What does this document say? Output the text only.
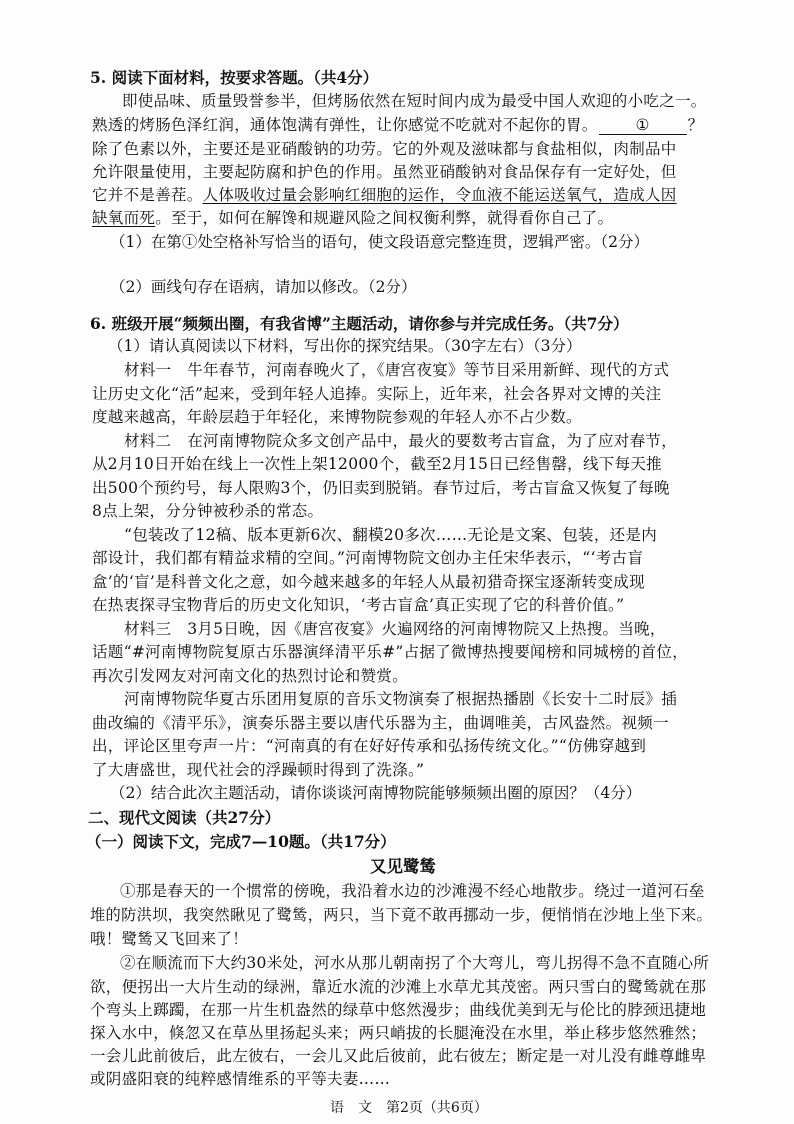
5. 阅读下面材料，按要求答题。（共4分）
即使品味、质量毁誉参半，但烤肠依然在短时间内成为最受中国人欢迎的小吃之一。
熟透的烤肠色泽红润，通体饱满有弹性，让你感觉不吃就对不起你的胃。 ① ？
除了色素以外，主要还是亚硝酸钠的功劳。它的外观及滋味都与食盐相似，肉制品中
允许限量使用，主要起防腐和护色的作用。虽然亚硝酸钠对食品保存有一定好处，但
它并不是善茬。人体吸收过量会影响红细胞的运作，令血液不能运送氧气，造成人因
缺氧而死。至于，如何在解馋和规避风险之间权衡利弊，就得看你自己了。
（1）在第①处空格补写恰当的语句，使文段语意完整连贯，逻辑严密。（2分）
（2）画线句存在语病，请加以修改。（2分）
6. 班级开展“频频出圈，有我省博”主题活动，请你参与并完成任务。（共7分）
（1）请认真阅读以下材料，写出你的探究结果。（30字左右）（3分）
材料一　牛年春节，河南春晚火了，《唐宫夜宴》等节目采用新鲜、现代的方式
让历史文化“活”起来，受到年轻人追捧。实际上，近年来，社会各界对文博的关注
度越来越高，年龄层趋于年轻化，来博物院参观的年轻人亦不占少数。
材料二　在河南博物院众多文创产品中，最火的要数考古盲盒，为了应对春节，
从2月10日开始在线上一次性上架12000个，截至2月15日已经售罄，线下每天推
出500个预约号，每人限购3个，仍旧卖到脱销。春节过后，考古盲盒又恢复了每晚
8点上架，分分钟被秒杀的常态。
“包装改了12稿、版本更新6次、翻模20多次……无论是文案、包装，还是内
部设计，我们都有精益求精的空间。”河南博物院文创办主任宋华表示，“‘考古盲
盒’的‘盲’是科普文化之意，如今越来越多的年轻人从最初猎奇探宝逐渐转变成现
在热衷探寻宝物背后的历史文化知识，‘考古盲盒’真正实现了它的科普价值。”
材料三　3月5日晚，因《唐宫夜宴》火遍网络的河南博物院又上热搜。当晚，
话题“#河南博物院复原古乐器演绎清平乐#”占据了微博热搜要闻榜和同城榜的首位，
再次引发网友对河南文化的热烈讨论和赞赏。
河南博物院华夏古乐团用复原的音乐文物演奏了根据热播剧《长安十二时辰》插
曲改编的《清平乐》，演奏乐器主要以唐代乐器为主，曲调唯美，古风盎然。视频一
出，评论区里夸声一片：“河南真的有在好好传承和弘扬传统文化。”“仿佛穿越到
了大唐盛世，现代社会的浮躁顿时得到了洗涤。”
（2）结合此次主题活动，请你谈谈河南博物院能够频频出圈的原因？（4分）
二、现代文阅读（共27分）
（一）阅读下文，完成7—10题。（共17分）
又见鹭鸶
①那是春天的一个惯常的傍晚，我沿着水边的沙滩漫不经心地散步。绕过一道河石垒
堆的防洪坝，我突然瞅见了鹭鸶，两只，当下竟不敢再挪动一步，便悄悄在沙地上坐下来。
哦！鹭鸶又飞回来了！
②在顺流而下大约30米处，河水从那儿朝南拐了个大弯儿，弯儿拐得不急不直随心所
欲，便拐出一大片生动的绿洲，靠近水流的沙滩上水草尤其茂密。两只雪白的鹭鸶就在那
个弯头上踯躅，在那一片生机盎然的绿草中悠然漫步；曲线优美到无与伦比的脖颈迅捷地
探入水中，倏忽又在草丛里扬起头来；两只峭拔的长腿淹没在水里，举止移步悠然雅然；
一会儿此前彼后，此左彼右，一会儿又此后彼前，此右彼左；断定是一对儿没有雌尊雌卑
或阴盛阳衰的纯粹感情维系的平等夫妻……
语　文　第2页（共6页）
